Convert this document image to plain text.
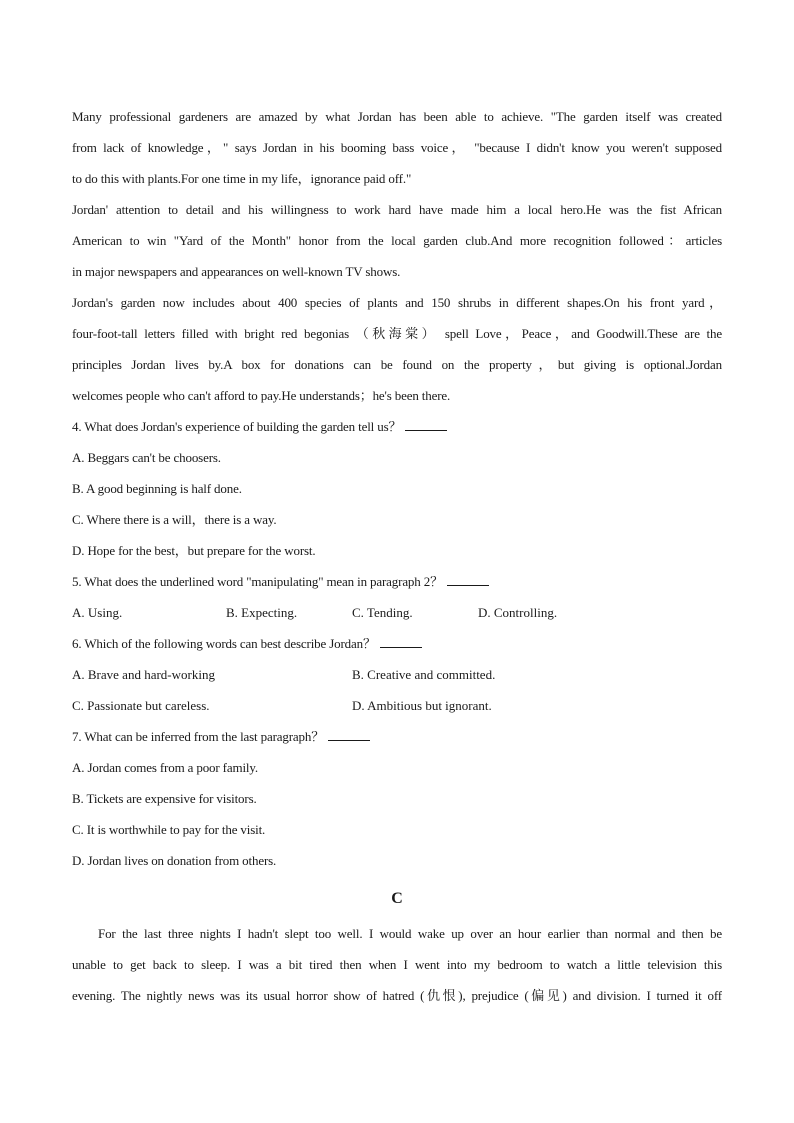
Many professional gardeners are amazed by what Jordan has been able to achieve. "The garden itself was created
from lack of knowledge，" says Jordan in his booming bass voice， "because I didn't know you weren't supposed
to do this with plants.For one time in my life，ignorance paid off."
Jordan' attention to detail and his willingness to work hard have made him a local hero.He was the fist African
American to win "Yard of the Month" honor from the local garden club.And more recognition followed：articles
in major newspapers and appearances on well-known TV shows.
Jordan's garden now includes about 400 species of plants and 150 shrubs in different shapes.On his front yard，
four-foot-tall letters filled with bright red begonias （秋海棠） spell Love，Peace，and Goodwill.These are the
principles Jordan lives by.A box for donations can be found on the property，but giving is optional.Jordan
welcomes people who can't afford to pay.He understands；he's been there.
4. What does Jordan's experience of building the garden tell us？
A. Beggars can't be choosers.
B. A good beginning is half done.
C. Where there is a will，there is a way.
D. Hope for the best，but prepare for the worst.
5. What does the underlined word "manipulating" mean in paragraph 2？
A. Using.	B. Expecting.	C. Tending.	D. Controlling.
6. Which of the following words can best describe Jordan？
A. Brave and hard-working	B. Creative and committed.
C. Passionate but careless.	D. Ambitious but ignorant.
7. What can be inferred from the last paragraph？
A. Jordan comes from a poor family.
B. Tickets are expensive for visitors.
C. It is worthwhile to pay for the visit.
D. Jordan lives on donation from others.
C
For the last three nights I hadn't slept too well. I would wake up over an hour earlier than normal and then be
unable to get back to sleep. I was a bit tired then when I went into my bedroom to watch a little television this
evening. The nightly news was its usual horror show of hatred (仇恨), prejudice (偏见) and division. I turned it off
